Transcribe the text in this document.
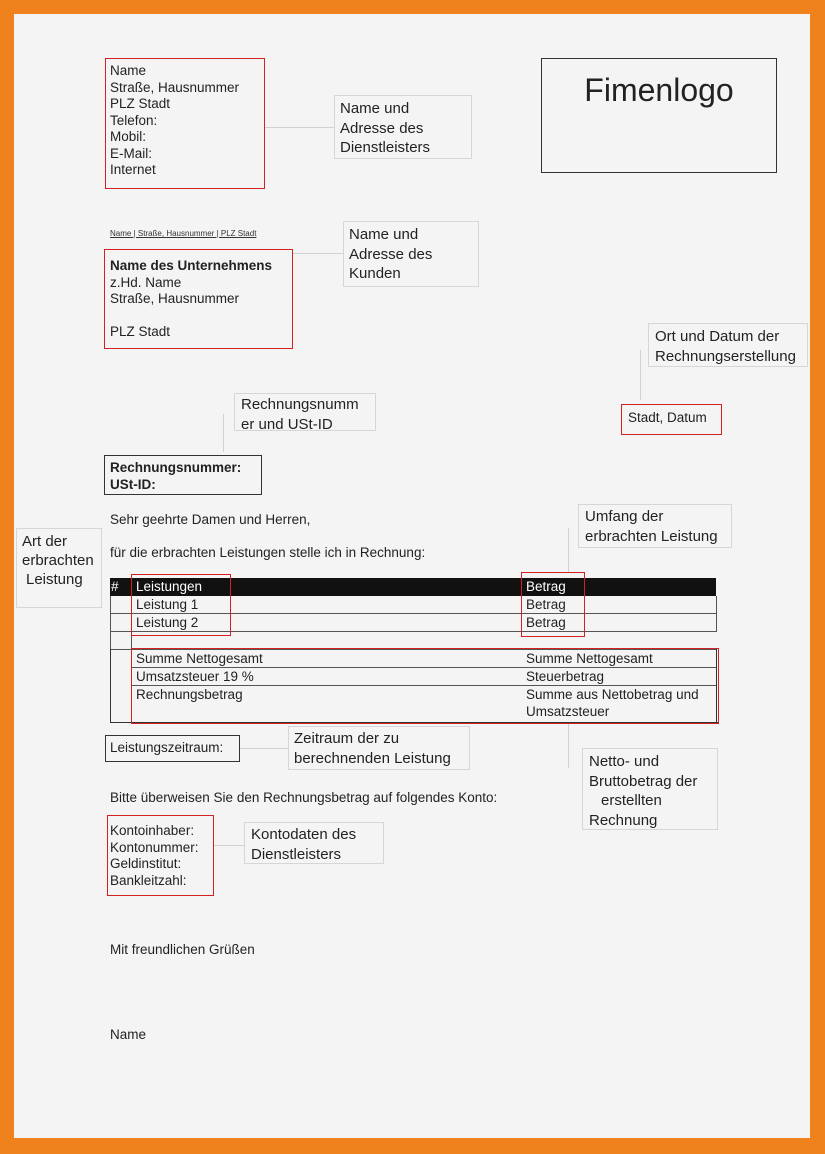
Name
Straße, Hausnummer
PLZ Stadt
Telefon:
Mobil:
E-Mail:
Internet
Name und
Adresse des
Dienstleisters
Fimenlogo
Name | Straße, Hausnummer | PLZ Stadt	Name und
Adresse des
Kunden
Name des Unternehmens
z.Hd. Name
Straße, Hausnummer
PLZ Stadt	Ort und Datum der
Rechnungserstellung
Stadt, Datum
Rechnungsnumm
er und USt-ID
Rechnungsnummer:
USt-ID:
Sehr geehrte Damen und Herren,
für die erbrachten Leistungen stelle ich in Rechnung:
Art der
erbrachten
Leistung
Umfang der
erbrachten Leistung
# Leistungen	Betrag
Leistung 1	Betrag
Leistung 2	Betrag
Summe Nettogesamt	Summe Nettogesamt
Umsatzsteuer 19 %	Steuerbetrag
Rechnungsbetrag	Summe aus Nettobetrag und
Umsatzsteuer
Leistungszeitraum:
Zeitraum der zu
berechnenden Leistung	Netto- und
Bruttobetrag der
erstellten
Rechnung
Bitte überweisen Sie den Rechnungsbetrag auf folgendes Konto:
Kontoinhaber:
Kontonummer:
Geldinstitut:
Bankleitzahl:
Kontodaten des
Dienstleisters
Mit freundlichen Grüßen
Name
